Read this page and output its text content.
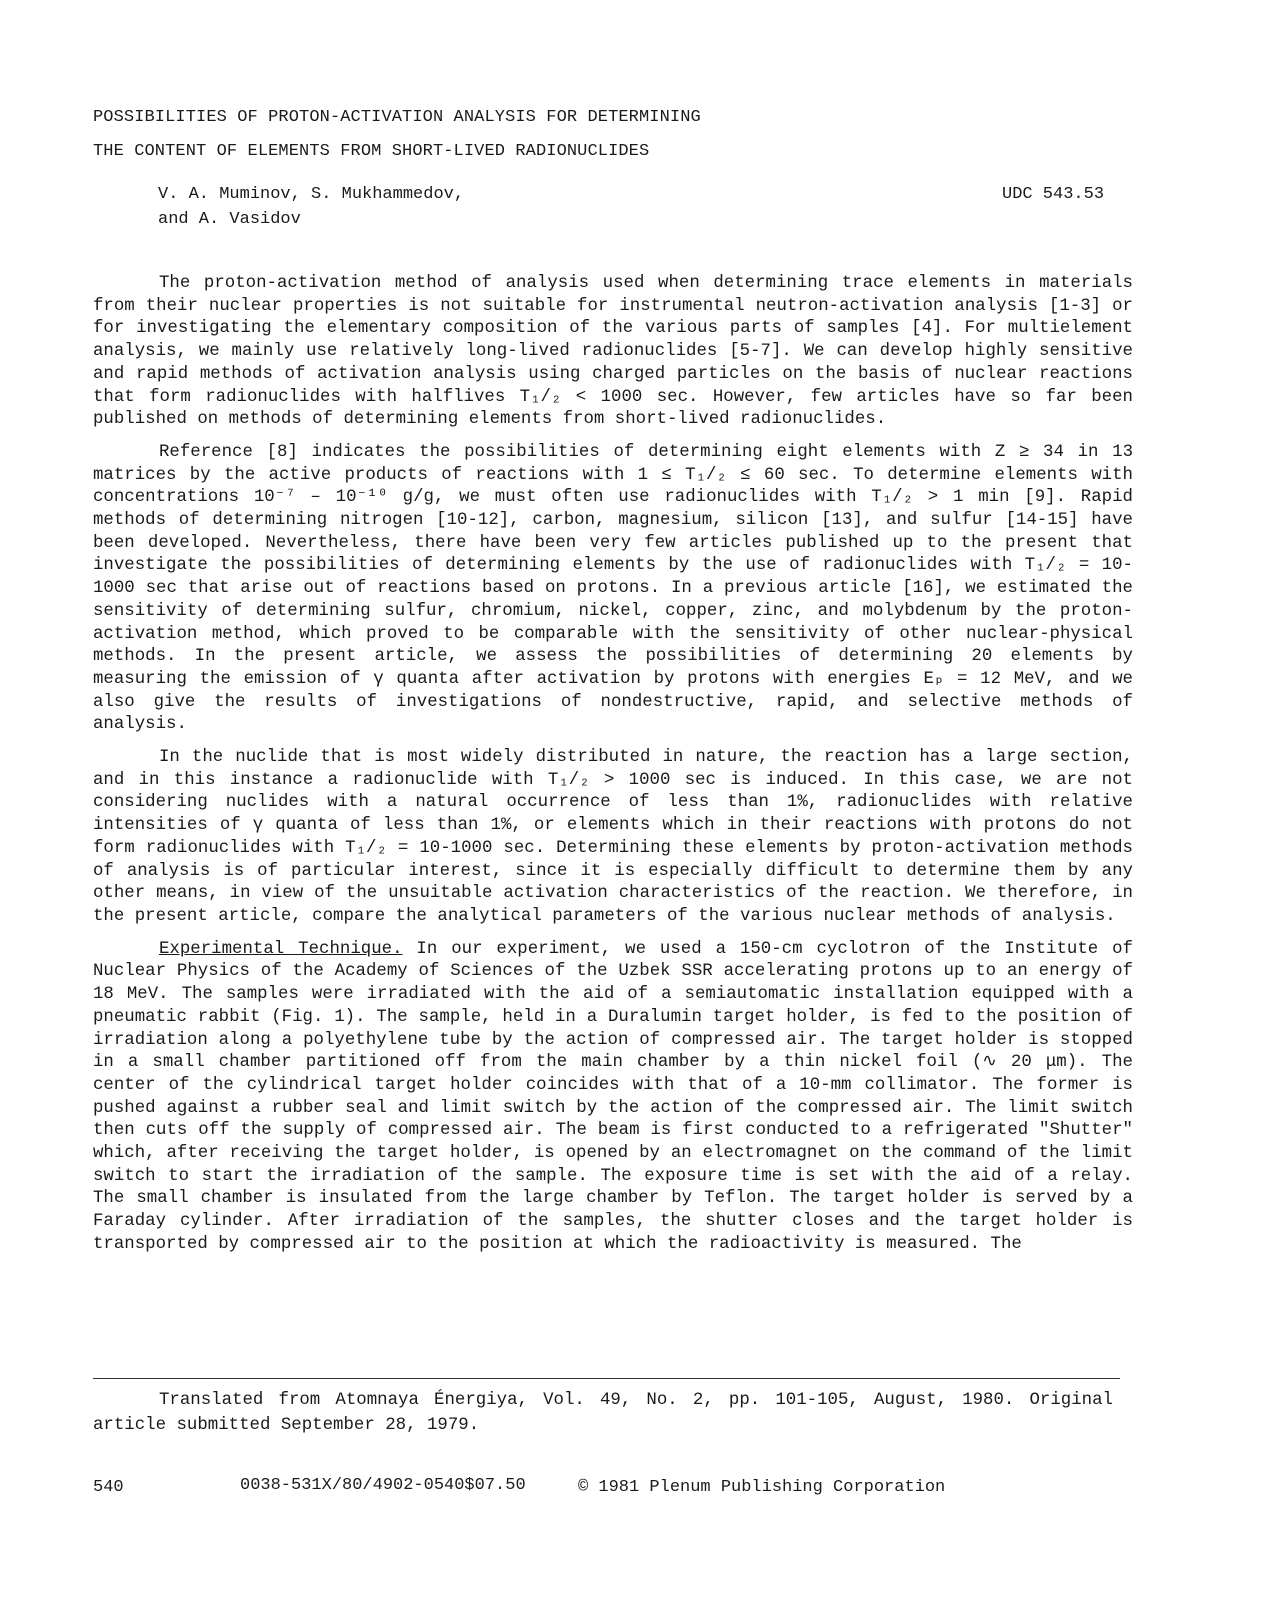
POSSIBILITIES OF PROTON-ACTIVATION ANALYSIS FOR DETERMINING
THE CONTENT OF ELEMENTS FROM SHORT-LIVED RADIONUCLIDES
V. A. Muminov, S. Mukhammedov,
and A. Vasidov
UDC 543.53

The proton-activation method of analysis used when determining trace elements in materials from their nuclear properties is not suitable for instrumental neutron-activation analysis [1-3] or for investigating the elementary composition of the various parts of samples [4]. For multielement analysis, we mainly use relatively long-lived radionuclides [5-7]. We can develop highly sensitive and rapid methods of activation analysis using charged particles on the basis of nuclear reactions that form radionuclides with halflives T₁/₂ < 1000 sec. However, few articles have so far been published on methods of determining elements from short-lived radionuclides.

Reference [8] indicates the possibilities of determining eight elements with Z ≥ 34 in 13 matrices by the active products of reactions with 1 ≤ T₁/₂ ≤ 60 sec. To determine elements with concentrations 10⁻⁷ – 10⁻¹⁰ g/g, we must often use radionuclides with T₁/₂ > 1 min [9]. Rapid methods of determining nitrogen [10-12], carbon, magnesium, silicon [13], and sulfur [14-15] have been developed. Nevertheless, there have been very few articles published up to the present that investigate the possibilities of determining elements by the use of radionuclides with T₁/₂ = 10-1000 sec that arise out of reactions based on protons. In a previous article [16], we estimated the sensitivity of determining sulfur, chromium, nickel, copper, zinc, and molybdenum by the proton-activation method, which proved to be comparable with the sensitivity of other nuclear-physical methods. In the present article, we assess the possibilities of determining 20 elements by measuring the emission of γ quanta after activation by protons with energies Eₚ = 12 MeV, and we also give the results of investigations of nondestructive, rapid, and selective methods of analysis.

In the nuclide that is most widely distributed in nature, the reaction has a large section, and in this instance a radionuclide with T₁/₂ > 1000 sec is induced. In this case, we are not considering nuclides with a natural occurrence of less than 1%, radionuclides with relative intensities of γ quanta of less than 1%, or elements which in their reactions with protons do not form radionuclides with T₁/₂ = 10-1000 sec. Determining these elements by proton-activation methods of analysis is of particular interest, since it is especially difficult to determine them by any other means, in view of the unsuitable activation characteristics of the reaction. We therefore, in the present article, compare the analytical parameters of the various nuclear methods of analysis.

Experimental Technique. In our experiment, we used a 150-cm cyclotron of the Institute of Nuclear Physics of the Academy of Sciences of the Uzbek SSR accelerating protons up to an energy of 18 MeV. The samples were irradiated with the aid of a semiautomatic installation equipped with a pneumatic rabbit (Fig. 1). The sample, held in a Duralumin target holder, is fed to the position of irradiation along a polyethylene tube by the action of compressed air. The target holder is stopped in a small chamber partitioned off from the main chamber by a thin nickel foil (∿ 20 μm). The center of the cylindrical target holder coincides with that of a 10-mm collimator. The former is pushed against a rubber seal and limit switch by the action of the compressed air. The limit switch then cuts off the supply of compressed air. The beam is first conducted to a refrigerated "Shutter" which, after receiving the target holder, is opened by an electromagnet on the command of the limit switch to start the irradiation of the sample. The exposure time is set with the aid of a relay. The small chamber is insulated from the large chamber by Teflon. The target holder is served by a Faraday cylinder. After irradiation of the samples, the shutter closes and the target holder is transported by compressed air to the position at which the radioactivity is measured. The

Translated from Atomnaya Énergiya, Vol. 49, No. 2, pp. 101-105, August, 1980. Original article submitted September 28, 1979.

540	0038-531X/80/4902-0540$07.50	© 1981 Plenum Publishing Corporation
